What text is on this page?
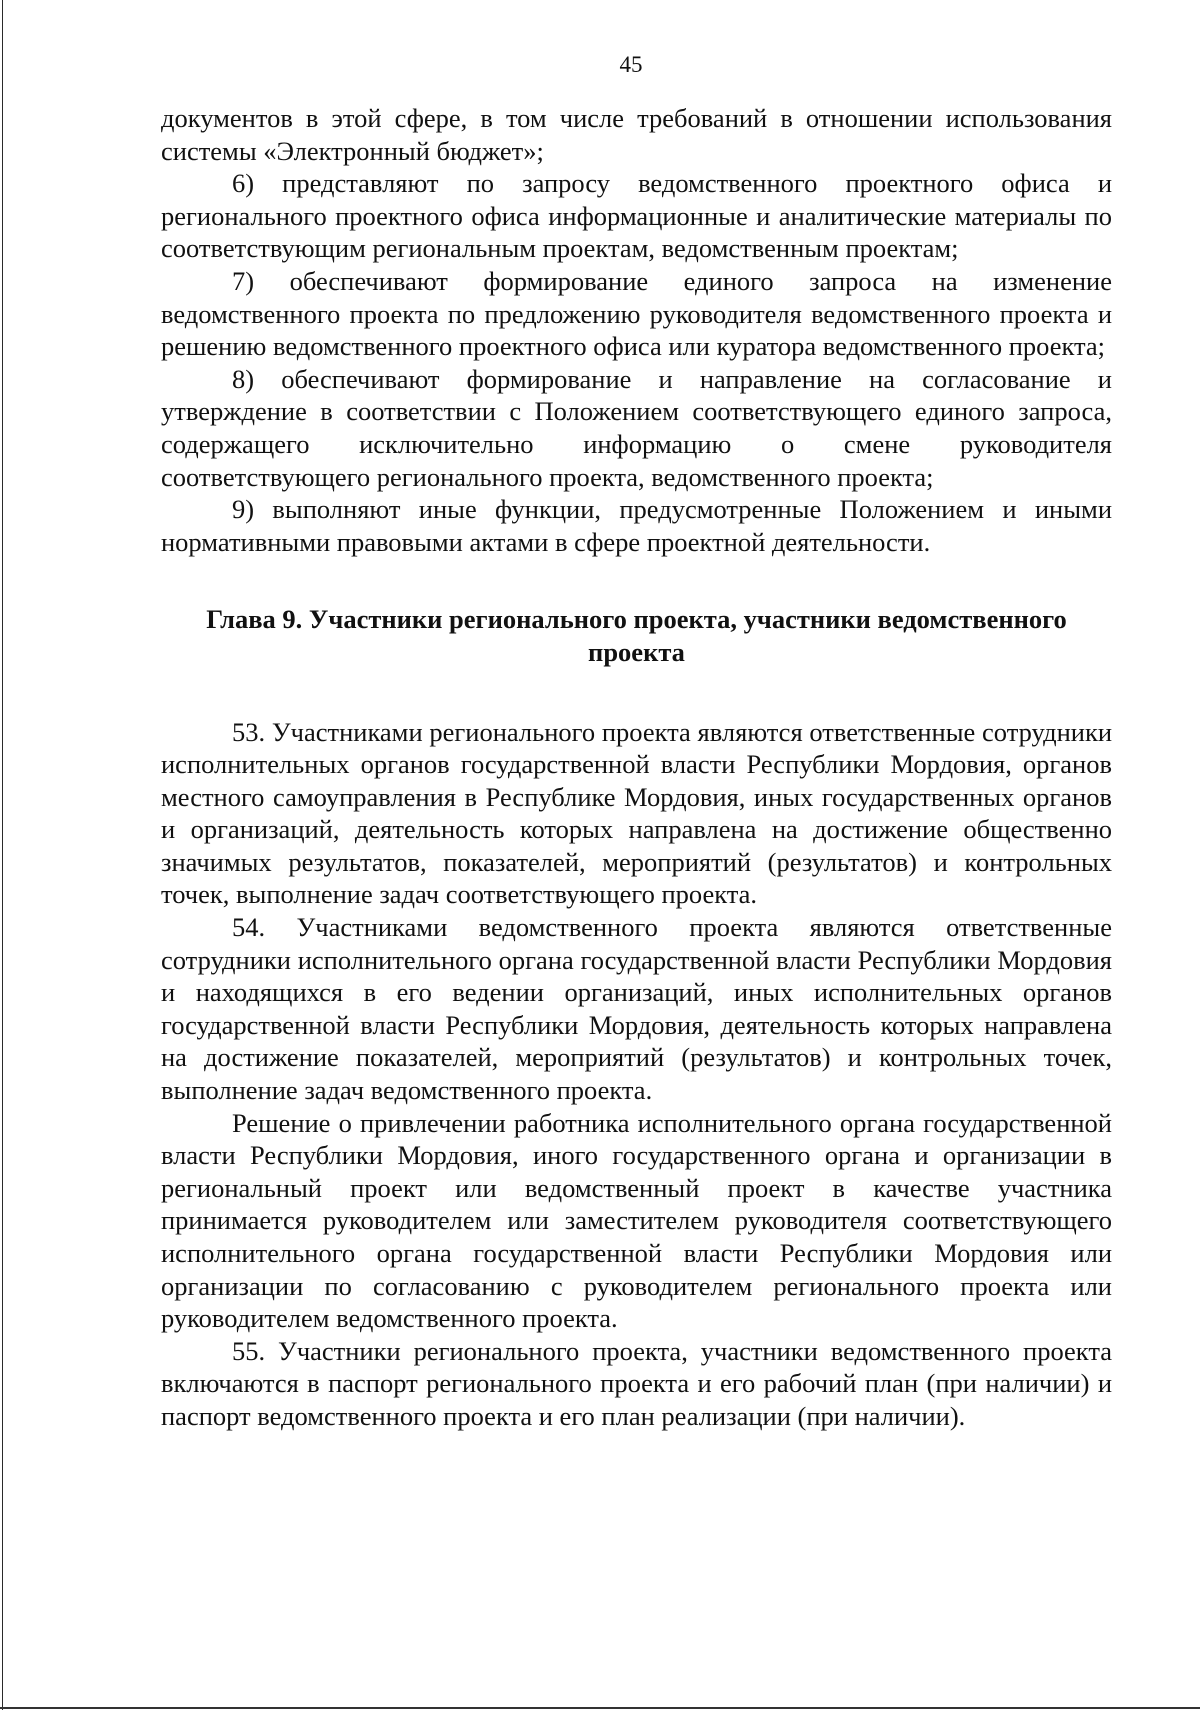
45

документов в этой сфере, в том числе требований в отношении использования системы «Электронный бюджет»;

6) представляют по запросу ведомственного проектного офиса и регионального проектного офиса информационные и аналитические материалы по соответствующим региональным проектам, ведомственным проектам;

7) обеспечивают формирование единого запроса на изменение ведомственного проекта по предложению руководителя ведомственного проекта и решению ведомственного проектного офиса или куратора ведомственного проекта;

8) обеспечивают формирование и направление на согласование и утверждение в соответствии с Положением соответствующего единого запроса, содержащего исключительно информацию о смене руководителя соответствующего регионального проекта, ведомственного проекта;

9) выполняют иные функции, предусмотренные Положением и иными нормативными правовыми актами в сфере проектной деятельности.

Глава 9. Участники регионального проекта, участники ведомственного
проекта

53. Участниками регионального проекта являются ответственные сотрудники исполнительных органов государственной власти Республики Мордовия, органов местного самоуправления в Республике Мордовия, иных государственных органов и организаций, деятельность которых направлена на достижение общественно значимых результатов, показателей, мероприятий (результатов) и контрольных точек, выполнение задач соответствующего проекта.

54. Участниками ведомственного проекта являются ответственные сотрудники исполнительного органа государственной власти Республики Мордовия и находящихся в его ведении организаций, иных исполнительных органов государственной власти Республики Мордовия, деятельность которых направлена на достижение показателей, мероприятий (результатов) и контрольных точек, выполнение задач ведомственного проекта.

Решение о привлечении работника исполнительного органа государственной власти Республики Мордовия, иного государственного органа и организации в региональный проект или ведомственный проект в качестве участника принимается руководителем или заместителем руководителя соответствующего исполнительного органа государственной власти Республики Мордовия или организации по согласованию с руководителем регионального проекта или руководителем ведомственного проекта.

55. Участники регионального проекта, участники ведомственного проекта включаются в паспорт регионального проекта и его рабочий план (при наличии) и паспорт ведомственного проекта и его план реализации (при наличии).
